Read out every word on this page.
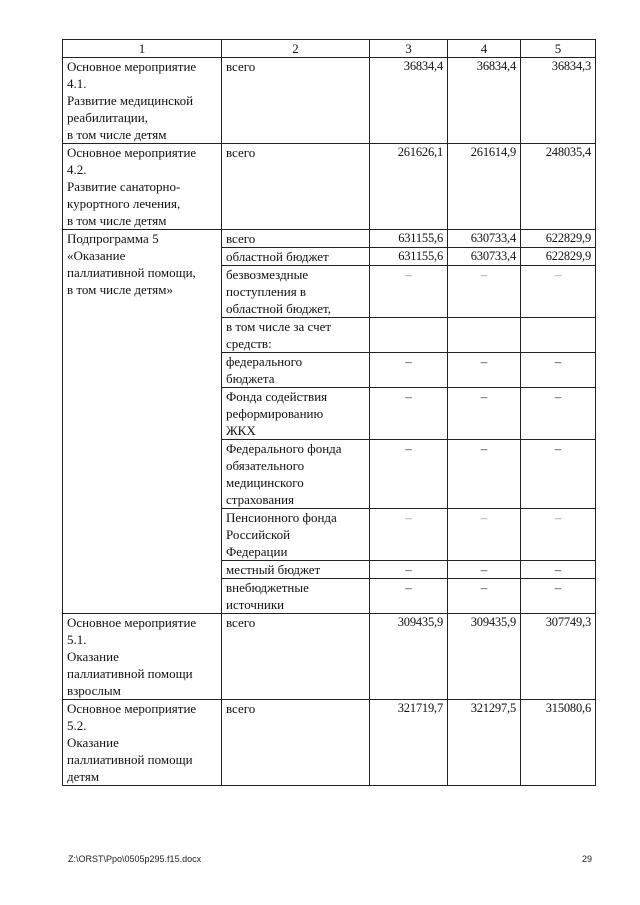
1	2	3	4	5

Основное мероприятие
4.1.
Развитие медицинской
реабилитации,
в том числе детям	всего	36834,4	36834,4	36834,3

Основное мероприятие
4.2.
Развитие санаторно-
курортного лечения,
в том числе детям	всего	261626,1	261614,9	248035,4

Подпрограмма 5
«Оказание
паллиативной помощи,
в том числе детям»	всего	631155,6	630733,4	622829,9

	областной бюджет	631155,6	630733,4	622829,9

	безвозмездные
поступления в
областной бюджет,	–	–	–

	в том числе за счет
средств:			

	федерального
бюджета	–	–	–

	Фонда содействия
реформированию
ЖКХ	–	–	–

	Федерального фонда
обязательного
медицинского
страхования	–	–	–

	Пенсионного фонда
Российской
Федерации	–	–	–

	местный бюджет	–	–	–

	внебюджетные
источники	–	–	–

Основное мероприятие
5.1.
Оказание
паллиативной помощи
взрослым	всего	309435,9	309435,9	307749,3

Основное мероприятие
5.2.
Оказание
паллиативной помощи
детям	всего	321719,7	321297,5	315080,6
Z:\ORST\Ppo\0505p295.f15.docx	29
